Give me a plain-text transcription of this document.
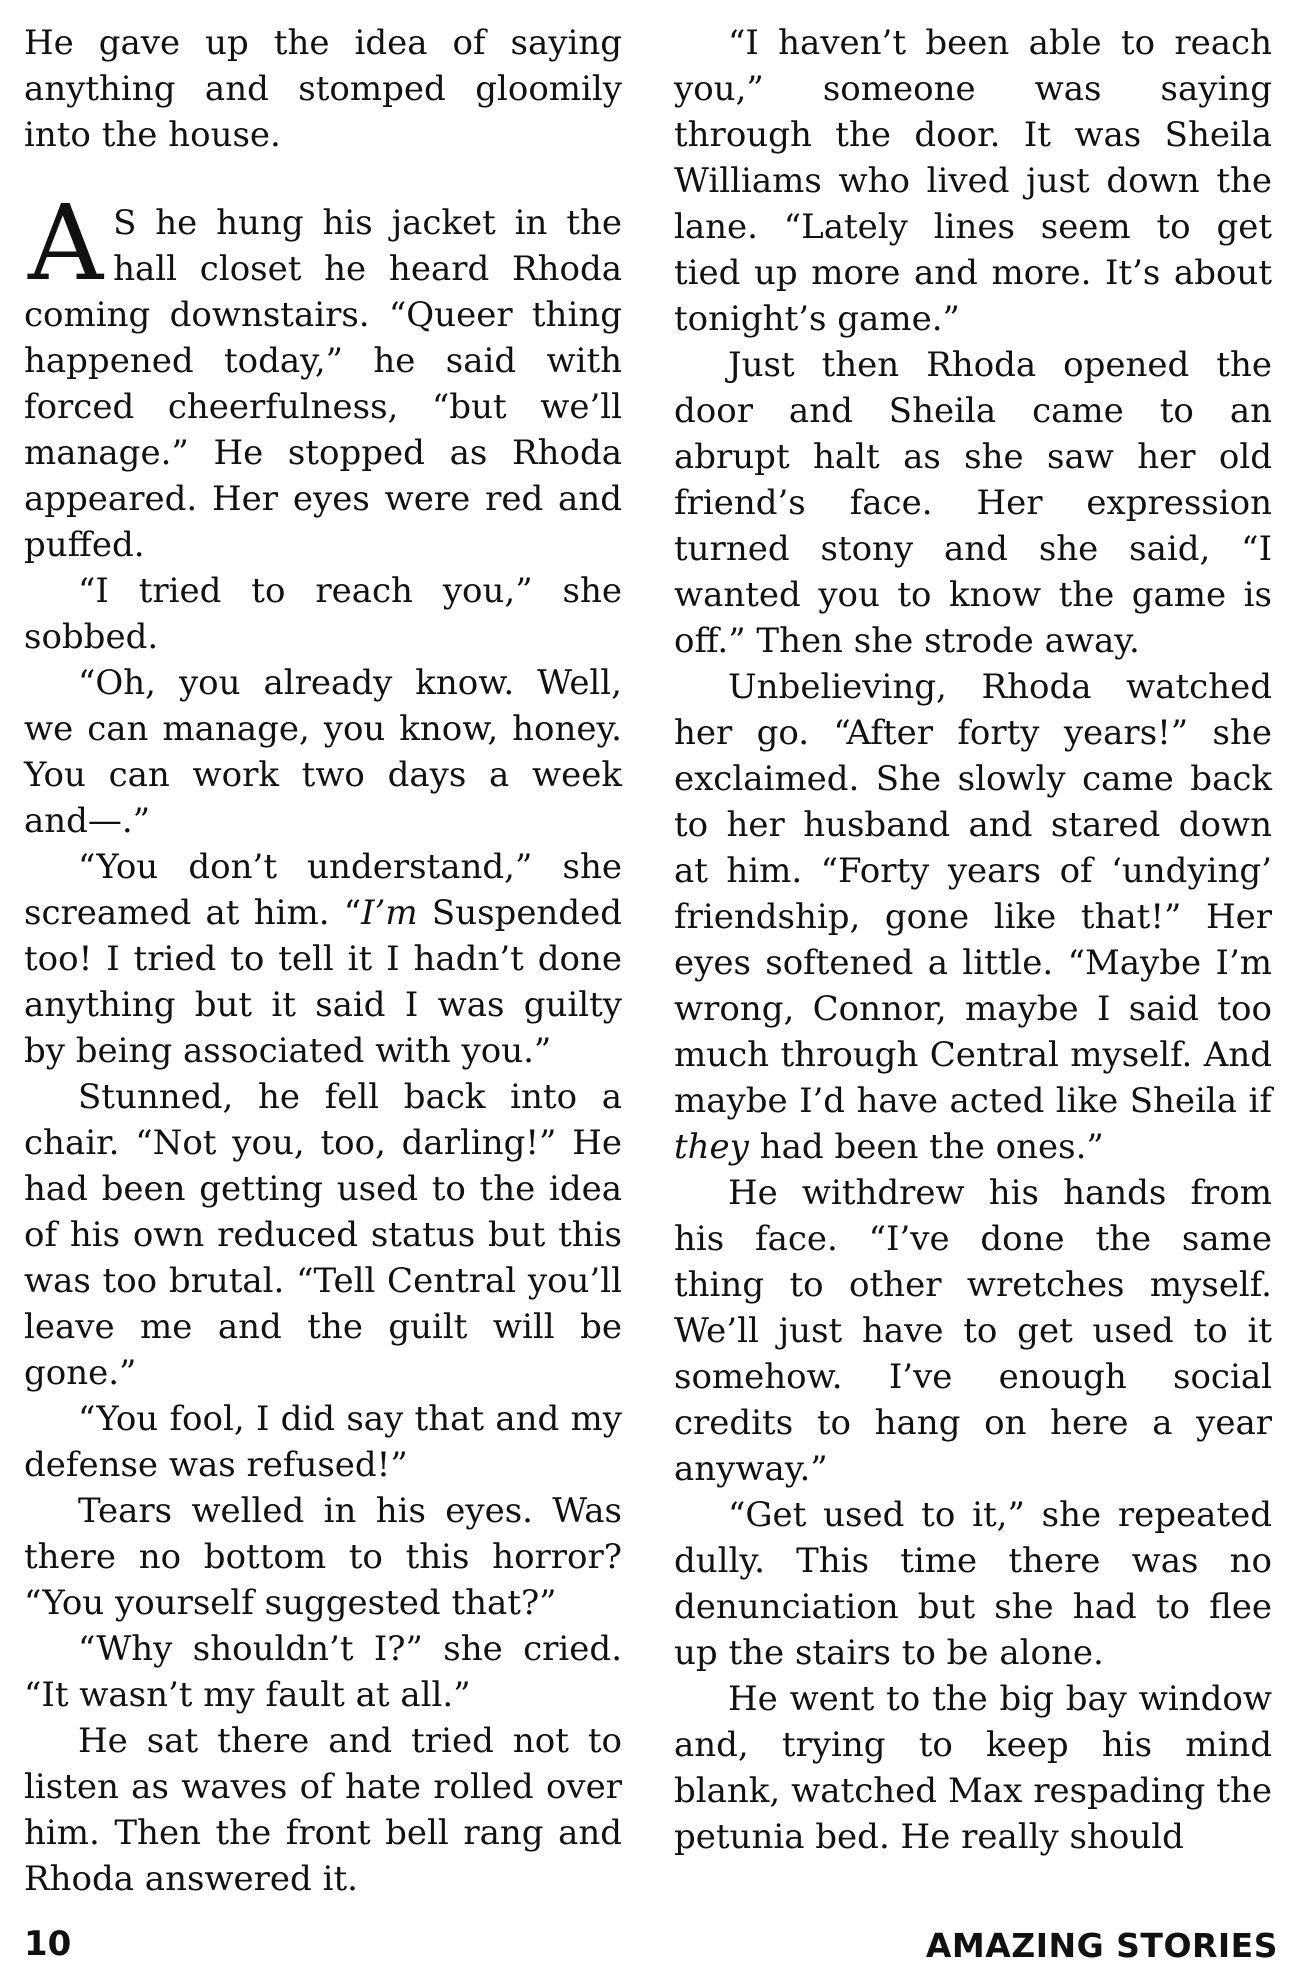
He gave up the idea of saying anything and stomped gloomily into the house.

A S he hung his jacket in the hall closet he heard Rhoda coming downstairs. “Queer thing happened today,” he said with forced cheerfulness, “but we’ll manage.” He stopped as Rhoda appeared. Her eyes were red and puffed.

“I tried to reach you,” she sobbed.

“Oh, you already know. Well, we can manage, you know, honey. You can work two days a week and—.”

“You don’t understand,” she screamed at him. “I’m Suspended too! I tried to tell it I hadn’t done anything but it said I was guilty by being associated with you.”

Stunned, he fell back into a chair. “Not you, too, darling!” He had been getting used to the idea of his own reduced status but this was too brutal. “Tell Central you’ll leave me and the guilt will be gone.”

“You fool, I did say that and my defense was refused!”

Tears welled in his eyes. Was there no bottom to this horror? “You yourself suggested that?”

“Why shouldn’t I?” she cried. “It wasn’t my fault at all.”

He sat there and tried not to listen as waves of hate rolled over him. Then the front bell rang and Rhoda answered it.

“I haven’t been able to reach you,” someone was saying through the door. It was Sheila Williams who lived just down the lane. “Lately lines seem to get tied up more and more. It’s about tonight’s game.”

Just then Rhoda opened the door and Sheila came to an abrupt halt as she saw her old friend’s face. Her expression turned stony and she said, “I wanted you to know the game is off.” Then she strode away.

Unbelieving, Rhoda watched her go. “After forty years!” she exclaimed. She slowly came back to her husband and stared down at him. “Forty years of ‘undying’ friendship, gone like that!” Her eyes softened a little. “Maybe I’m wrong, Connor, maybe I said too much through Central myself. And maybe I’d have acted like Sheila if they had been the ones.”

He withdrew his hands from his face. “I’ve done the same thing to other wretches myself. We’ll just have to get used to it somehow. I’ve enough social credits to hang on here a year anyway.”

“Get used to it,” she repeated dully. This time there was no denunciation but she had to flee up the stairs to be alone.

He went to the big bay window and, trying to keep his mind blank, watched Max respading the petunia bed. He really should

10	AMAZING STORIES
